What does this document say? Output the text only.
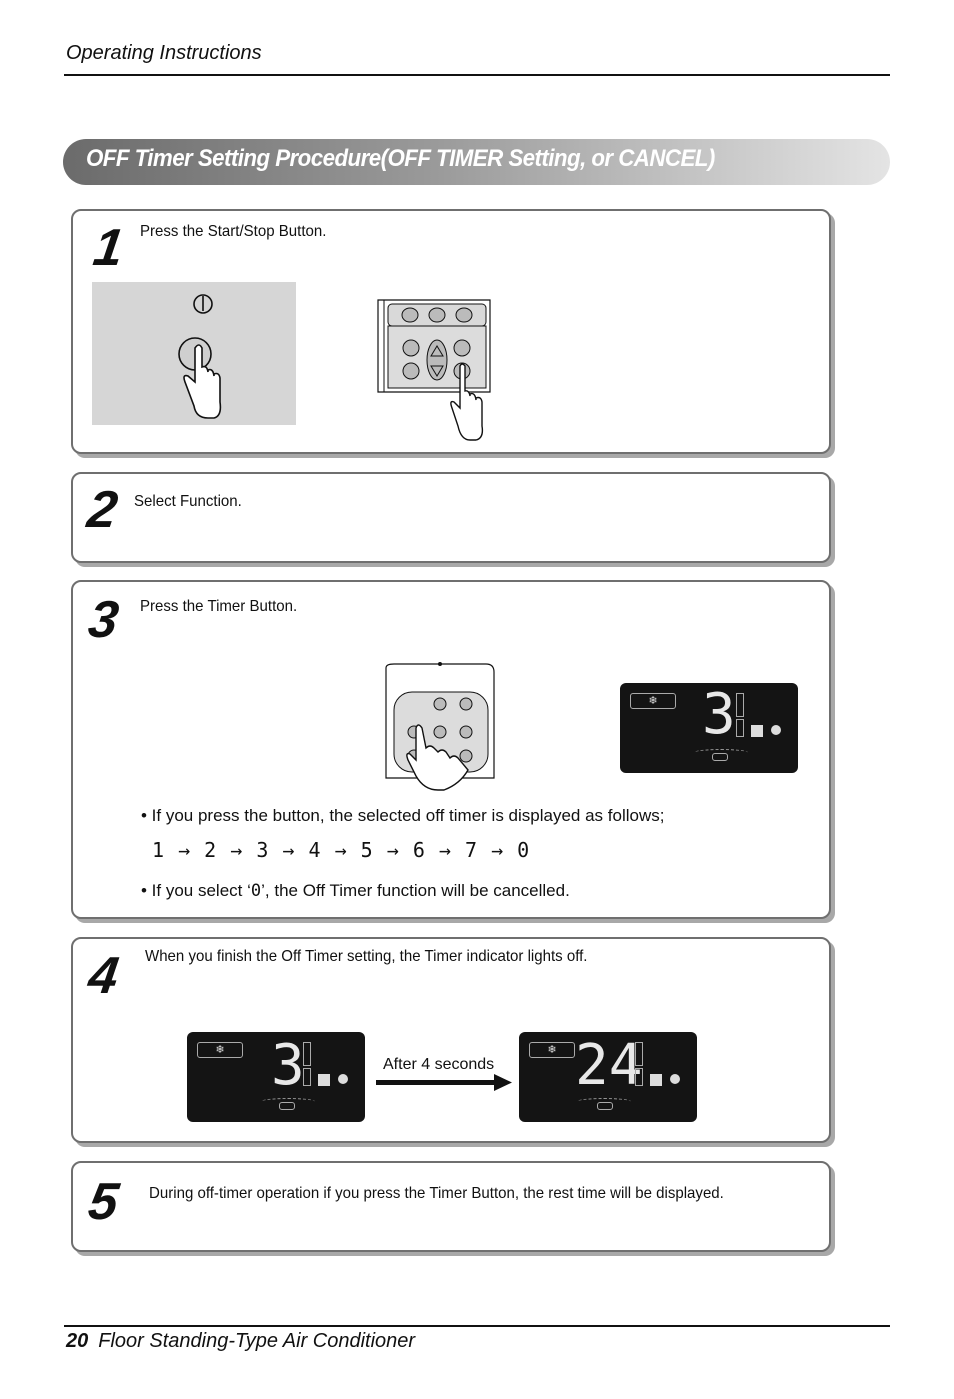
Operating Instructions
OFF Timer Setting Procedure(OFF TIMER Setting, or CANCEL)
1 Press the Start/Stop Button.
2 Select Function.
3 Press the Timer Button.
❄ 3
• If you press the button, the selected off timer is displayed as follows;
1 → 2 → 3 → 4 → 5 → 6 → 7 → 0
• If you select ‘0’, the Off Timer function will be cancelled.
4 When you finish the Off Timer setting, the Timer indicator lights off.
❄ 3	After 4 seconds
❄ 24
5 During off-timer operation if you press the Timer Button, the rest time will be displayed.
20 Floor Standing-Type Air Conditioner
